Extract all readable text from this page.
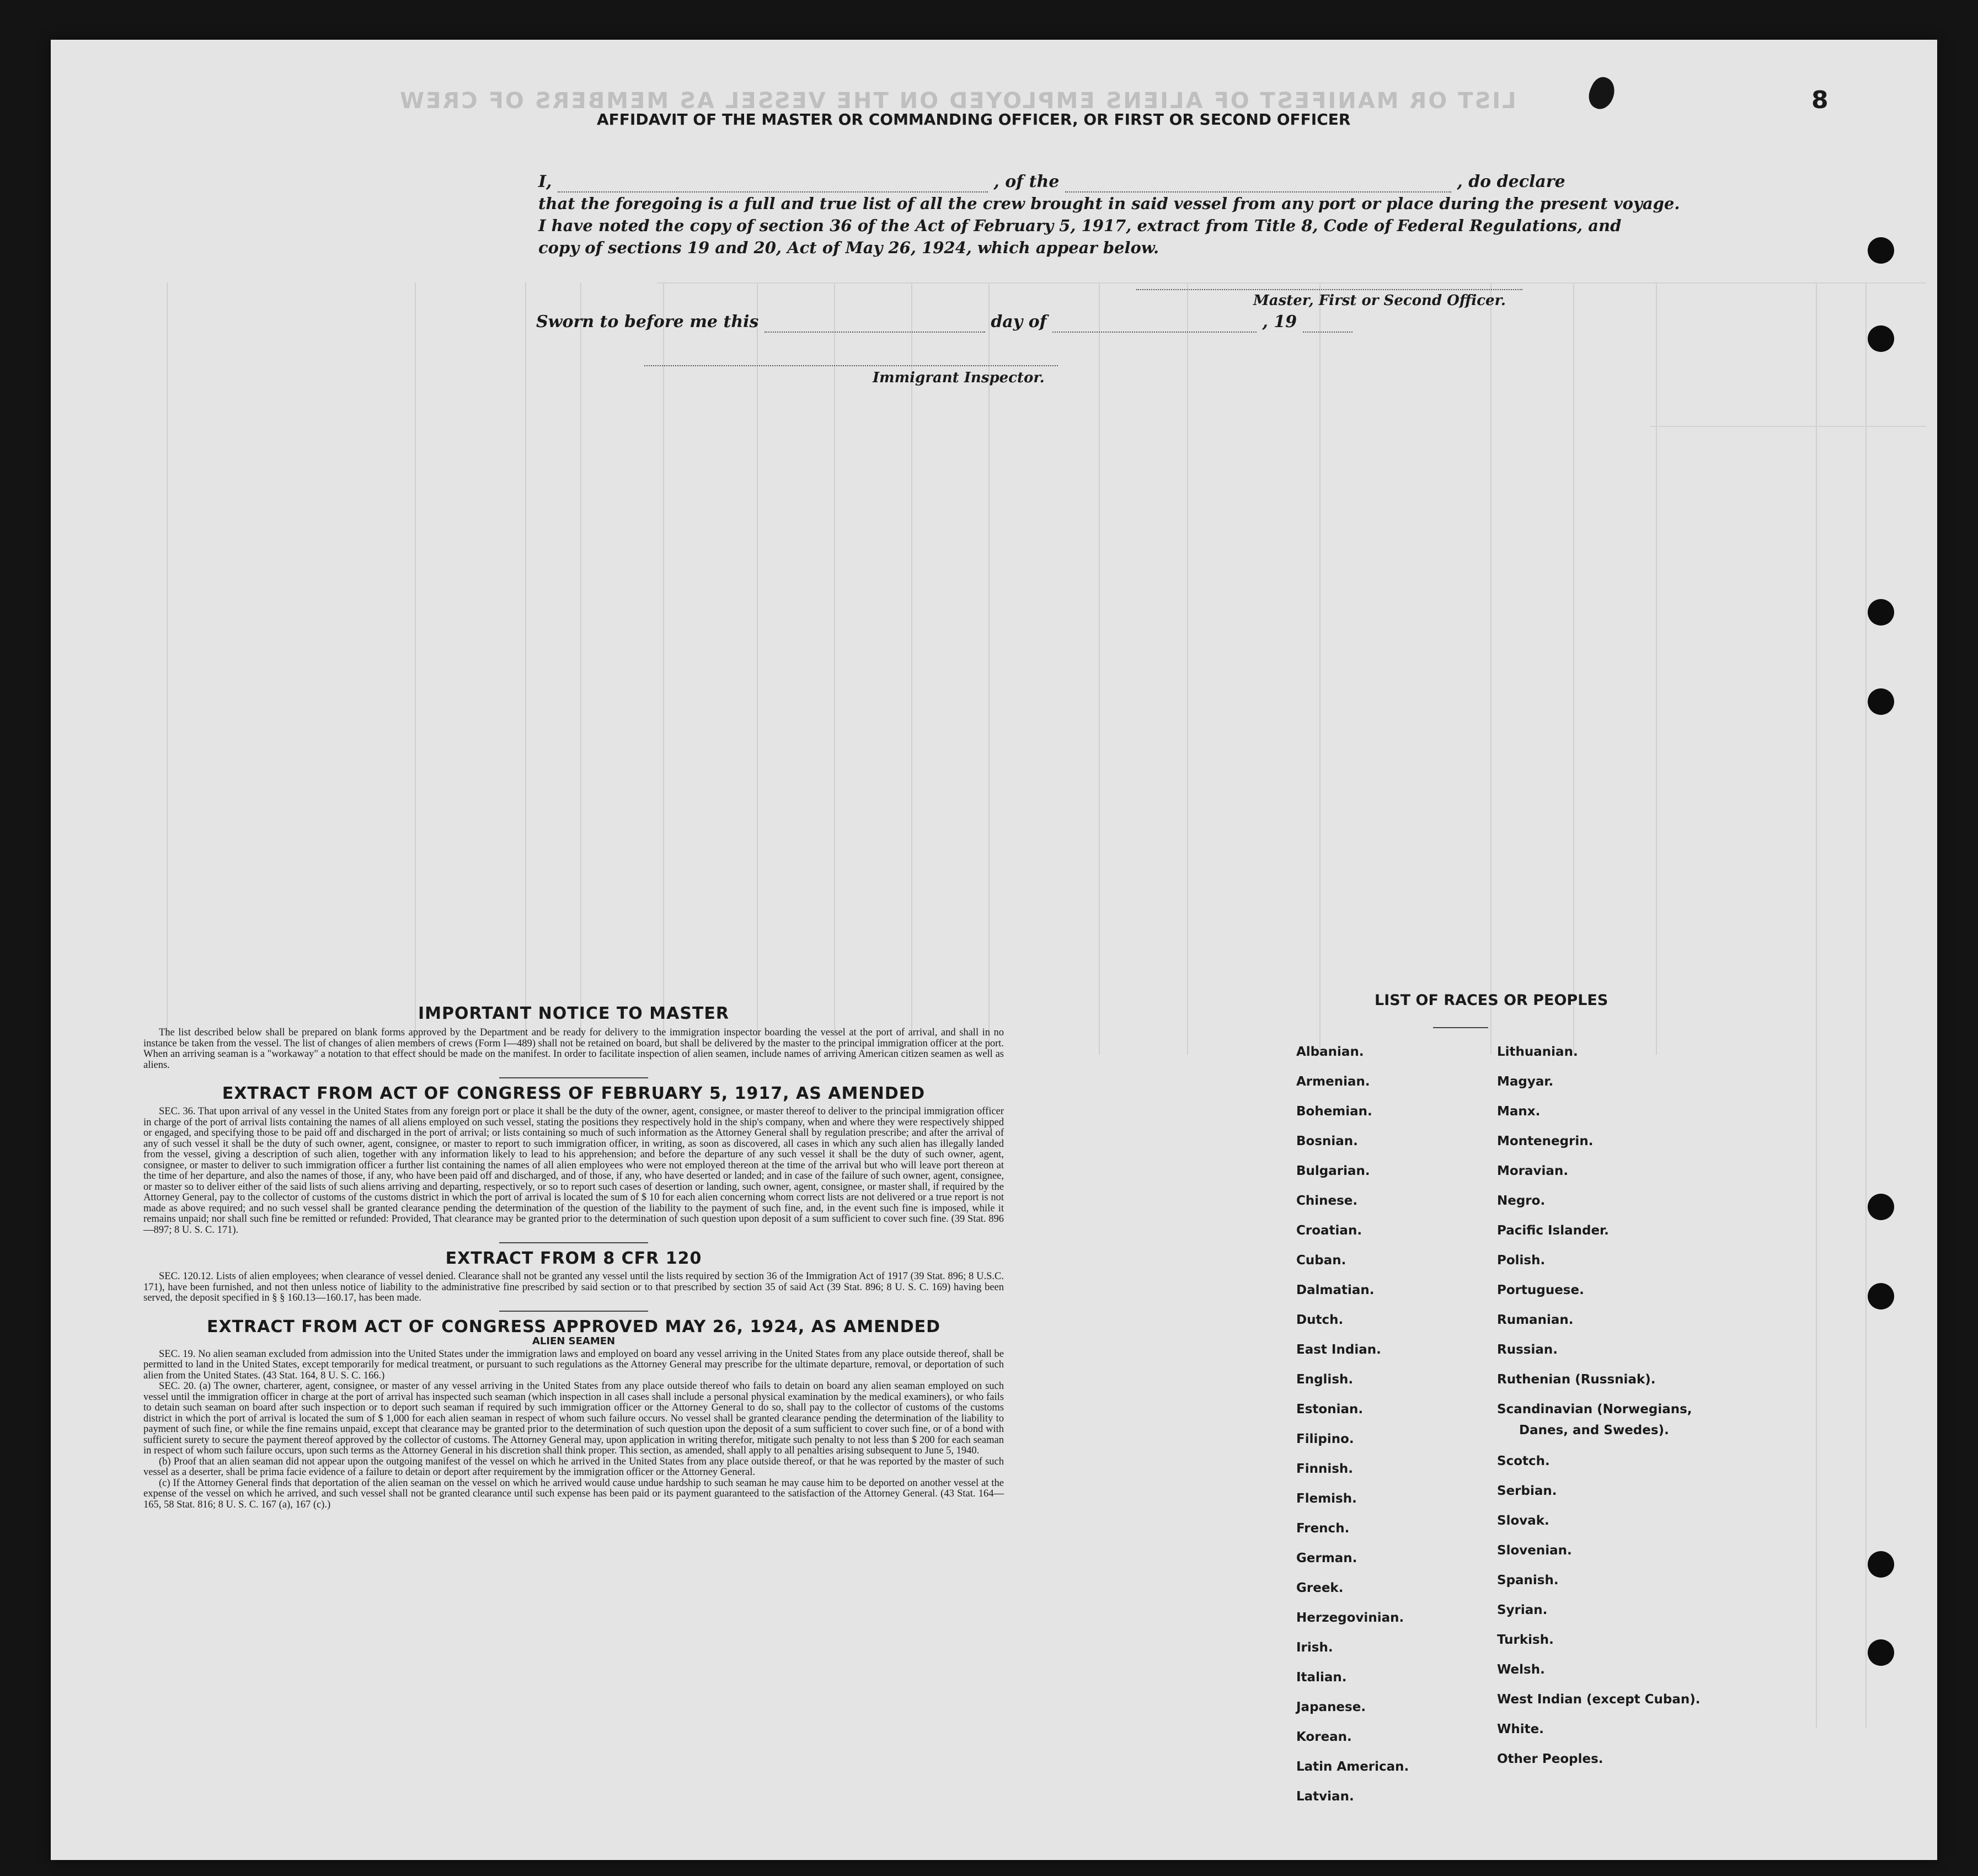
LIST OR MANIFEST OF ALIENS EMPLOYED ON THE VESSEL AS MEMBERS OF CREW
AFFIDAVIT OF THE MASTER OR COMMANDING OFFICER, OR FIRST OR SECOND OFFICER
I,	, of the	, do declare
that the foregoing is a full and true list of all the crew brought in said vessel from any port or place during the present voyage.
I have noted the copy of section 36 of the Act of February 5, 1917, extract from Title 8, Code of Federal Regulations, and
copy of sections 19 and 20, Act of May 26, 1924, which appear below.
Master, First or Second Officer.
Sworn to before me this	day of	, 19
Immigrant Inspector.
8
IMPORTANT NOTICE TO MASTER

The list described below shall be prepared on blank forms approved by the Department and be ready for delivery to the immigration inspector boarding the vessel at the port of arrival, and shall in no instance be taken from the vessel. The list of changes of alien members of crews (Form I—489) shall not be retained on board, but shall be delivered by the master to the principal immigration officer at the port. When an arriving seaman is a "workaway" a notation to that effect should be made on the manifest. In order to facilitate inspection of alien seamen, include names of arriving American citizen seamen as well as aliens.

EXTRACT FROM ACT OF CONGRESS OF FEBRUARY 5, 1917, AS AMENDED

SEC. 36. That upon arrival of any vessel in the United States from any foreign port or place it shall be the duty of the owner, agent, consignee, or master thereof to deliver to the principal immigration officer in charge of the port of arrival lists containing the names of all aliens employed on such vessel, stating the positions they respectively hold in the ship's company, when and where they were respectively shipped or engaged, and specifying those to be paid off and discharged in the port of arrival; or lists containing so much of such information as the Attorney General shall by regulation prescribe; and after the arrival of any of such vessel it shall be the duty of such owner, agent, consignee, or master to report to such immigration officer, in writing, as soon as discovered, all cases in which any such alien has illegally landed from the vessel, giving a description of such alien, together with any information likely to lead to his apprehension; and before the departure of any such vessel it shall be the duty of such owner, agent, consignee, or master to deliver to such immigration officer a further list containing the names of all alien employees who were not employed thereon at the time of the arrival but who will leave port thereon at the time of her departure, and also the names of those, if any, who have been paid off and discharged, and of those, if any, who have deserted or landed; and in case of the failure of such owner, agent, consignee, or master so to deliver either of the said lists of such aliens arriving and departing, respectively, or so to report such cases of desertion or landing, such owner, agent, consignee, or master shall, if required by the Attorney General, pay to the collector of customs of the customs district in which the port of arrival is located the sum of $ 10 for each alien concerning whom correct lists are not delivered or a true report is not made as above required; and no such vessel shall be granted clearance pending the determination of the question of the liability to the payment of such fine, and, in the event such fine is imposed, while it remains unpaid; nor shall such fine be remitted or refunded: Provided, That clearance may be granted prior to the determination of such question upon deposit of a sum sufficient to cover such fine. (39 Stat. 896—897; 8 U. S. C. 171).

EXTRACT FROM 8 CFR 120

SEC. 120.12. Lists of alien employees; when clearance of vessel denied. Clearance shall not be granted any vessel until the lists required by section 36 of the Immigration Act of 1917 (39 Stat. 896; 8 U.S.C. 171), have been furnished, and not then unless notice of liability to the administrative fine prescribed by said section or to that prescribed by section 35 of said Act (39 Stat. 896; 8 U. S. C. 169) having been served, the deposit specified in § § 160.13—160.17, has been made.

EXTRACT FROM ACT OF CONGRESS APPROVED MAY 26, 1924, AS AMENDED
ALIEN SEAMEN

SEC. 19. No alien seaman excluded from admission into the United States under the immigration laws and employed on board any vessel arriving in the United States from any place outside thereof, shall be permitted to land in the United States, except temporarily for medical treatment, or pursuant to such regulations as the Attorney General may prescribe for the ultimate departure, removal, or deportation of such alien from the United States. (43 Stat. 164, 8 U. S. C. 166.)

SEC. 20. (a) The owner, charterer, agent, consignee, or master of any vessel arriving in the United States from any place outside thereof who fails to detain on board any alien seaman employed on such vessel until the immigration officer in charge at the port of arrival has inspected such seaman (which inspection in all cases shall include a personal physical examination by the medical examiners), or who fails to detain such seaman on board after such inspection or to deport such seaman if required by such immigration officer or the Attorney General to do so, shall pay to the collector of customs of the customs district in which the port of arrival is located the sum of $ 1,000 for each alien seaman in respect of whom such failure occurs. No vessel shall be granted clearance pending the determination of the liability to payment of such fine, or while the fine remains unpaid, except that clearance may be granted prior to the determination of such question upon the deposit of a sum sufficient to cover such fine, or of a bond with sufficient surety to secure the payment thereof approved by the collector of customs. The Attorney General may, upon application in writing therefor, mitigate such penalty to not less than $ 200 for each seaman in respect of whom such failure occurs, upon such terms as the Attorney General in his discretion shall think proper. This section, as amended, shall apply to all penalties arising subsequent to June 5, 1940.

(b) Proof that an alien seaman did not appear upon the outgoing manifest of the vessel on which he arrived in the United States from any place outside thereof, or that he was reported by the master of such vessel as a deserter, shall be prima facie evidence of a failure to detain or deport after requirement by the immigration officer or the Attorney General.

(c) If the Attorney General finds that deportation of the alien seaman on the vessel on which he arrived would cause undue hardship to such seaman he may cause him to be deported on another vessel at the expense of the vessel on which he arrived, and such vessel shall not be granted clearance until such expense has been paid or its payment guaranteed to the satisfaction of the Attorney General. (43 Stat. 164—165, 58 Stat. 816; 8 U. S. C. 167 (a), 167 (c).)

LIST OF RACES OR PEOPLES
Albanian.
Armenian.
Bohemian.
Bosnian.
Bulgarian.
Chinese.
Croatian.
Cuban.
Dalmatian.
Dutch.
East Indian.
English.
Estonian.
Filipino.
Finnish.
Flemish.
French.
German.
Greek.
Herzegovinian.
Irish.
Italian.
Japanese.
Korean.
Latin American.
Latvian.
Lithuanian.
Magyar.
Manx.
Montenegrin.
Moravian.
Negro.
Pacific Islander.
Polish.
Portuguese.
Rumanian.
Russian.
Ruthenian (Russniak).
Scandinavian (Norwegians,
Danes, and Swedes).
Scotch.
Serbian.
Slovak.
Slovenian.
Spanish.
Syrian.
Turkish.
Welsh.
West Indian (except Cuban).
White.
Other Peoples.
